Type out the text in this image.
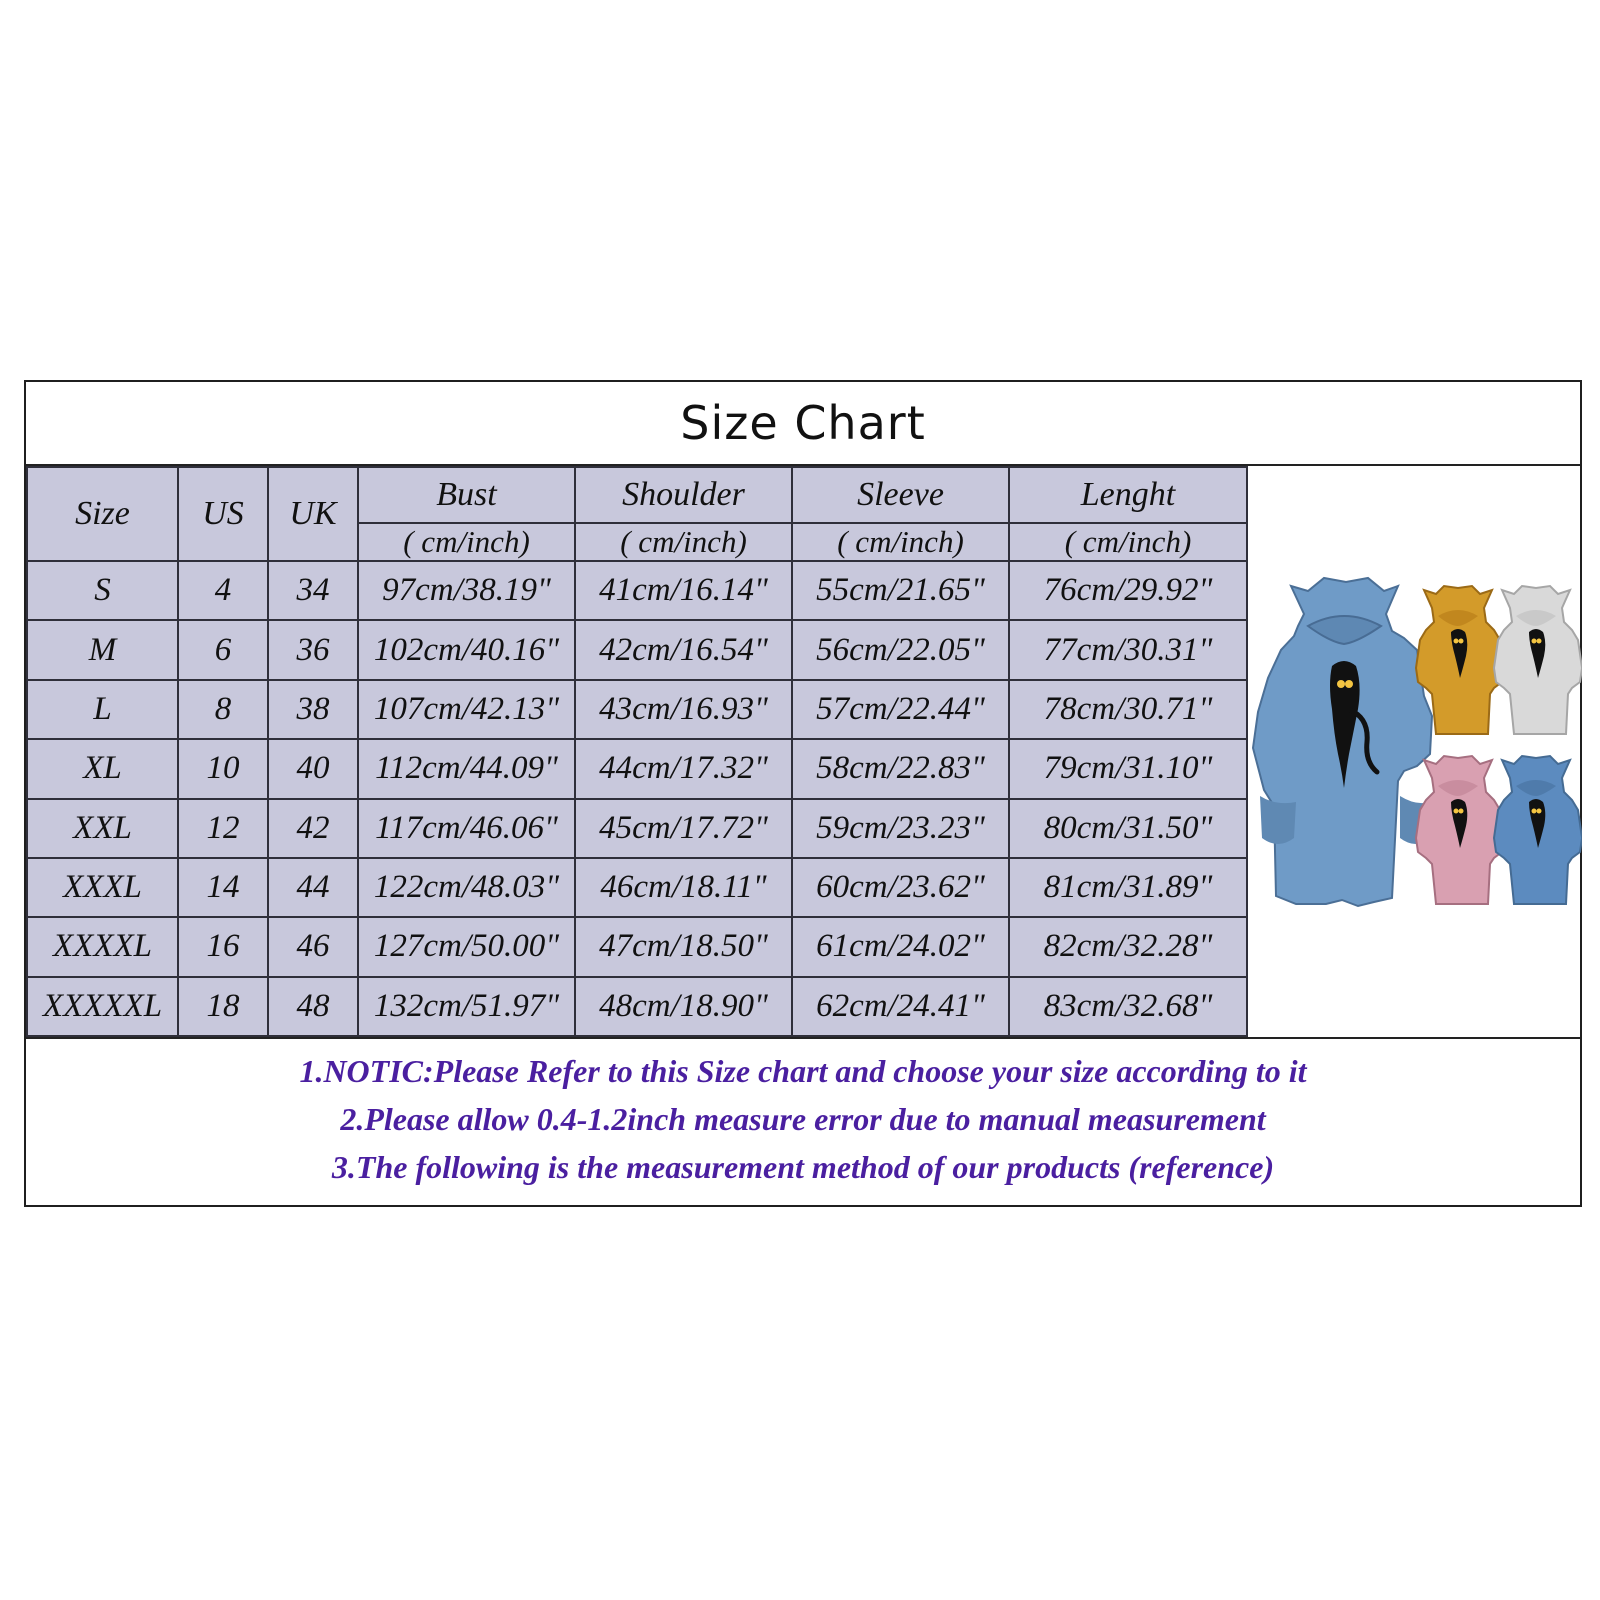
Size Chart
Size	US	UK	Bust	Shoulder	Sleeve	Lenght
			( cm/inch)	( cm/inch)	( cm/inch)	( cm/inch)
S	4	34	97cm/38.19"	41cm/16.14"	55cm/21.65"	76cm/29.92"
M	6	36	102cm/40.16"	42cm/16.54"	56cm/22.05"	77cm/30.31"
L	8	38	107cm/42.13"	43cm/16.93"	57cm/22.44"	78cm/30.71"
XL	10	40	112cm/44.09"	44cm/17.32"	58cm/22.83"	79cm/31.10"
XXL	12	42	117cm/46.06"	45cm/17.72"	59cm/23.23"	80cm/31.50"
XXXL	14	44	122cm/48.03"	46cm/18.11"	60cm/23.62"	81cm/31.89"
XXXXL	16	46	127cm/50.00"	47cm/18.50"	61cm/24.02"	82cm/32.28"
XXXXXL	18	48	132cm/51.97"	48cm/18.90"	62cm/24.41"	83cm/32.68"
1.NOTIC:Please Refer to this Size chart and choose your size according to it
2.Please allow 0.4-1.2inch measure error due to manual measurement
3.The following is the measurement method of our products (reference)
